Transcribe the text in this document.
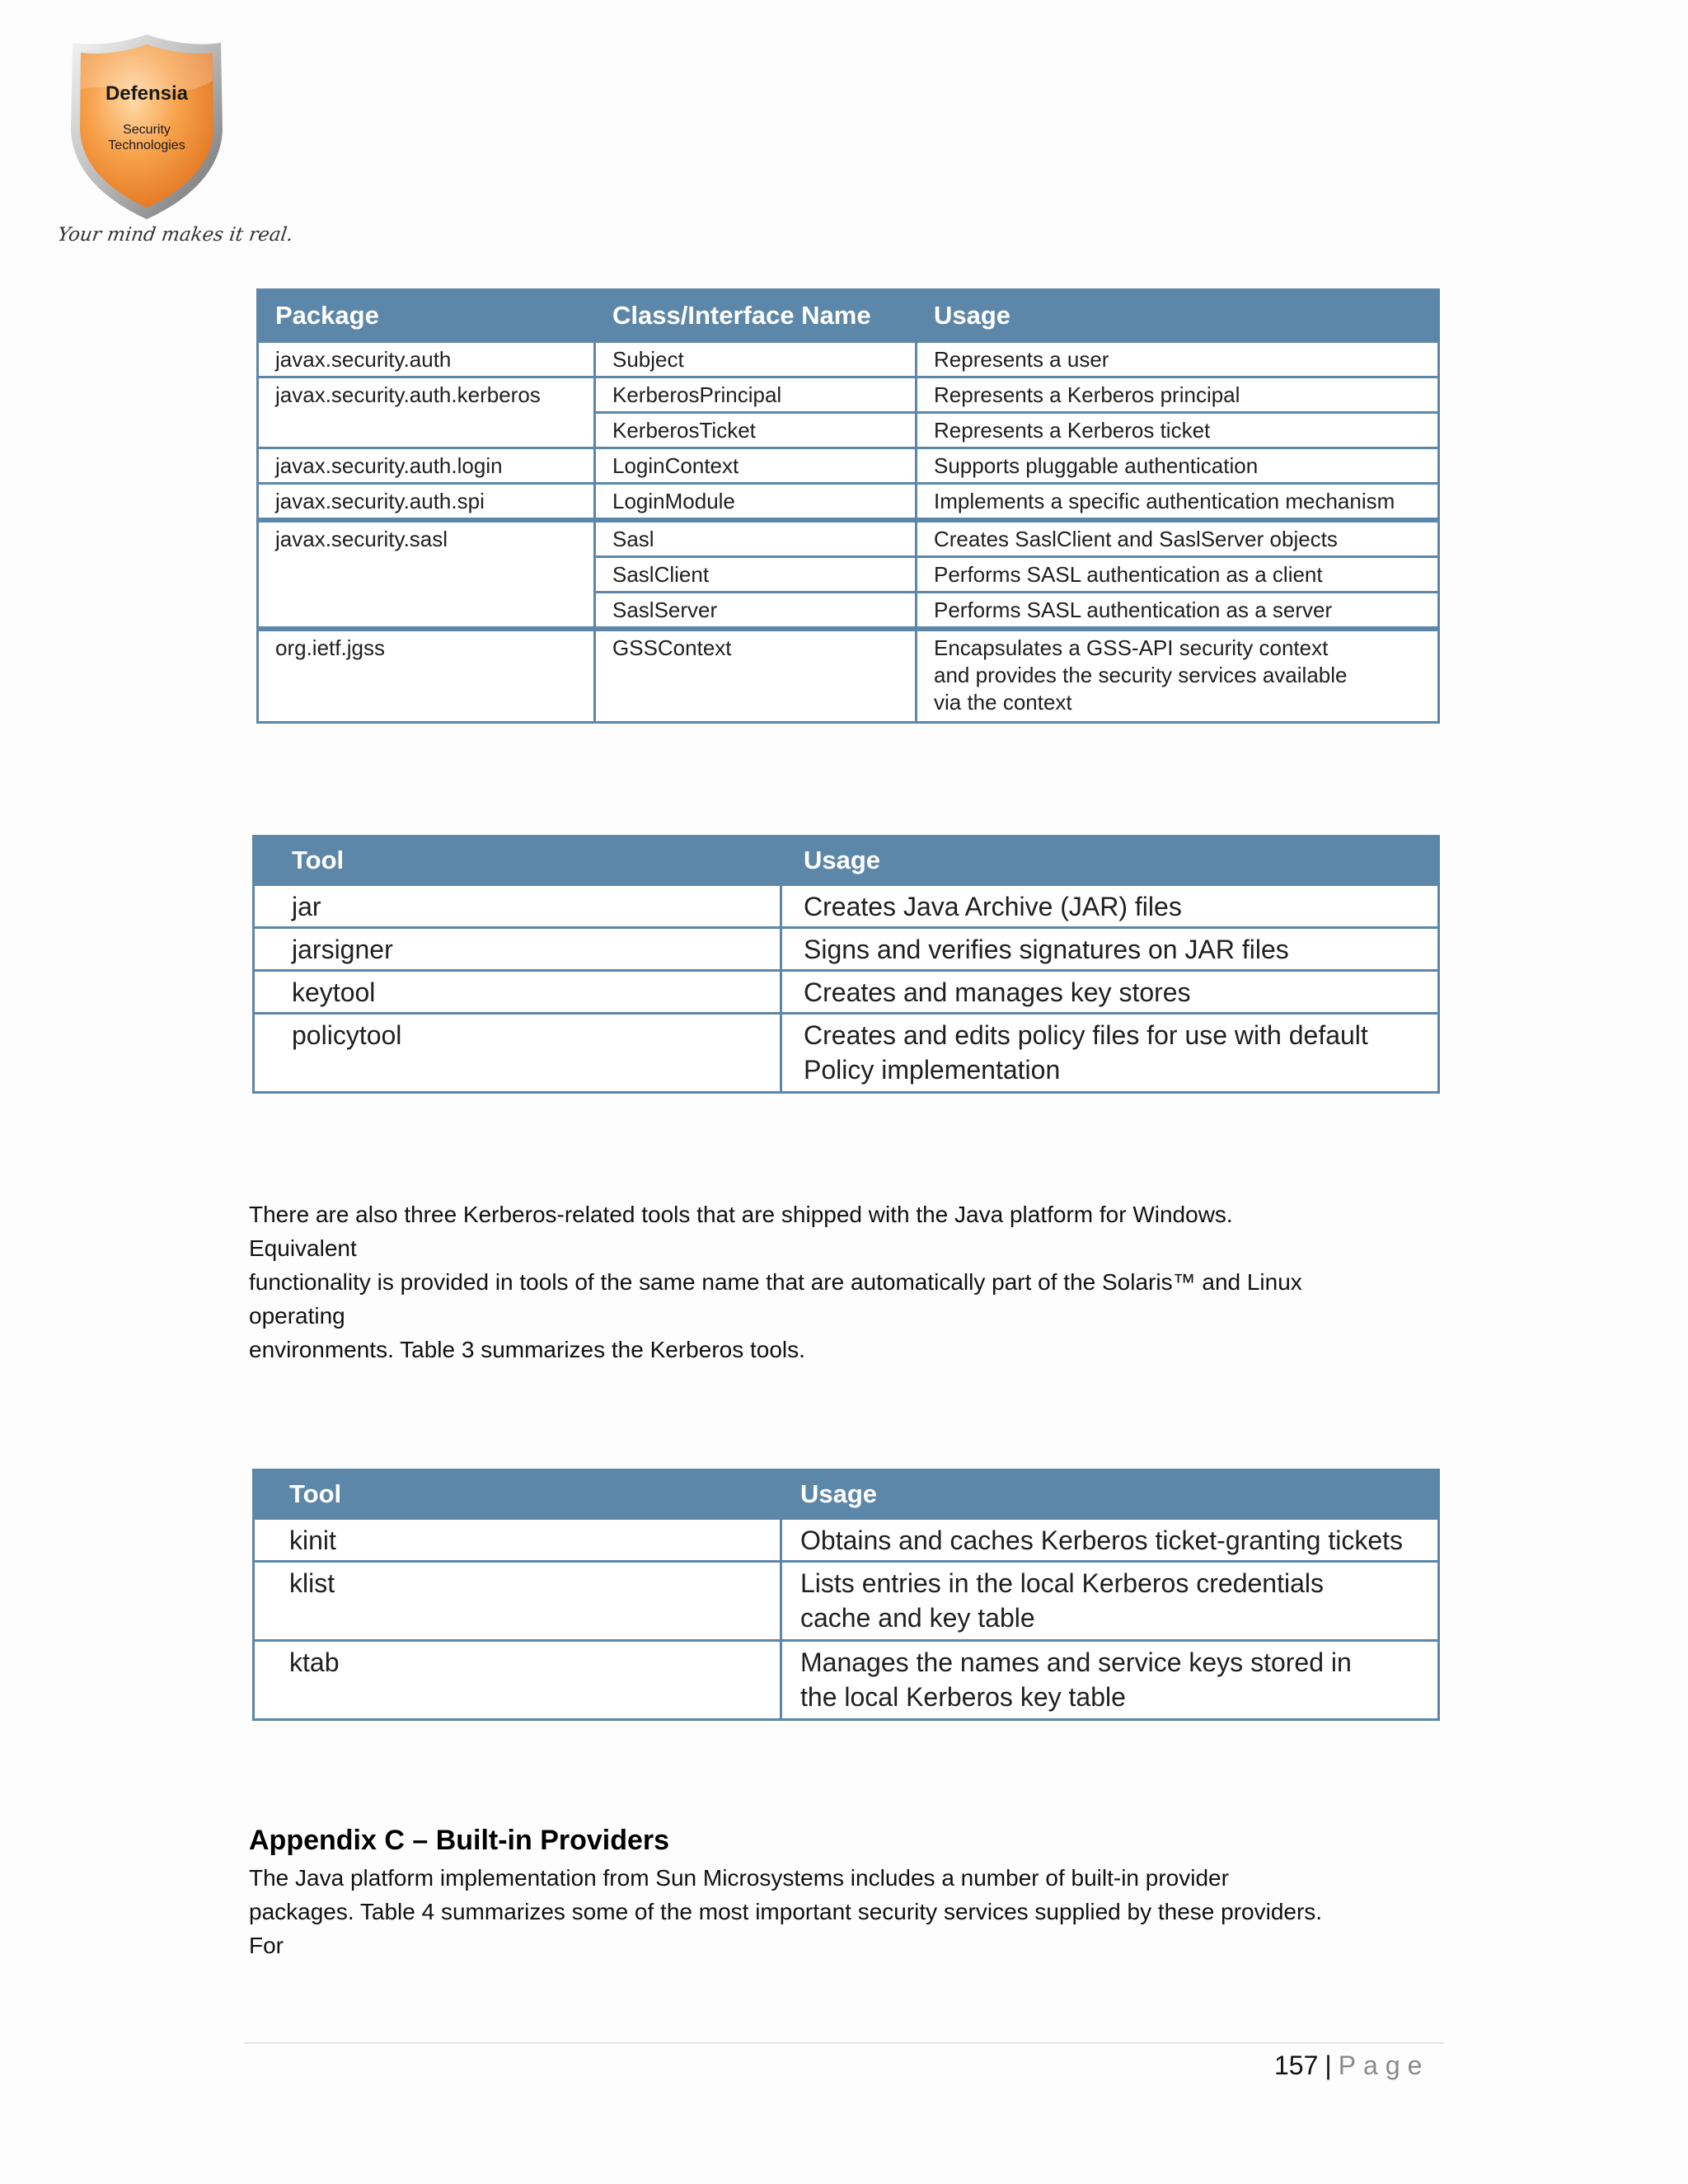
Defensia
Security
Technologies
Your mind makes it real.
Package	Class/Interface Name	Usage
javax.security.auth	Subject	Represents a user
javax.security.auth.kerberos	KerberosPrincipal	Represents a Kerberos principal
	KerberosTicket	Represents a Kerberos ticket
javax.security.auth.login	LoginContext	Supports pluggable authentication
javax.security.auth.spi	LoginModule	Implements a specific authentication mechanism
javax.security.sasl	Sasl	Creates SaslClient and SaslServer objects
	SaslClient	Performs SASL authentication as a client
	SaslServer	Performs SASL authentication as a server
org.ietf.jgss	GSSContext	Encapsulates a GSS-API security context and provides the security services available via the context
Tool	Usage
jar	Creates Java Archive (JAR) files
jarsigner	Signs and verifies signatures on JAR files
keytool	Creates and manages key stores
policytool	Creates and edits policy files for use with default Policy implementation
There are also three Kerberos-related tools that are shipped with the Java platform for Windows.
Equivalent
functionality is provided in tools of the same name that are automatically part of the Solaris™ and Linux
operating
environments. Table 3 summarizes the Kerberos tools.
Tool	Usage
kinit	Obtains and caches Kerberos ticket-granting tickets
klist	Lists entries in the local Kerberos credentials cache and key table
ktab	Manages the names and service keys stored in the local Kerberos key table
Appendix C – Built-in Providers
The Java platform implementation from Sun Microsystems includes a number of built-in provider
packages. Table 4 summarizes some of the most important security services supplied by these providers.
For
157 | Page
